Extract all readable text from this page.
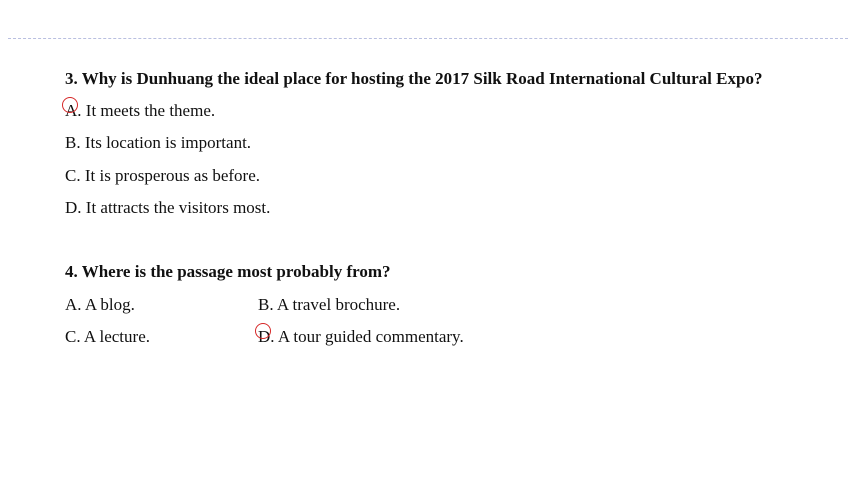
3. Why is Dunhuang the ideal place for hosting the 2017 Silk Road International Cultural Expo?
A. It meets the theme.
B. Its location is important.
C. It is prosperous as before.
D. It attracts the visitors most.
4. Where is the passage most probably from?
A. A blog.	B. A travel brochure.
C. A lecture.	D. A tour guided commentary.
